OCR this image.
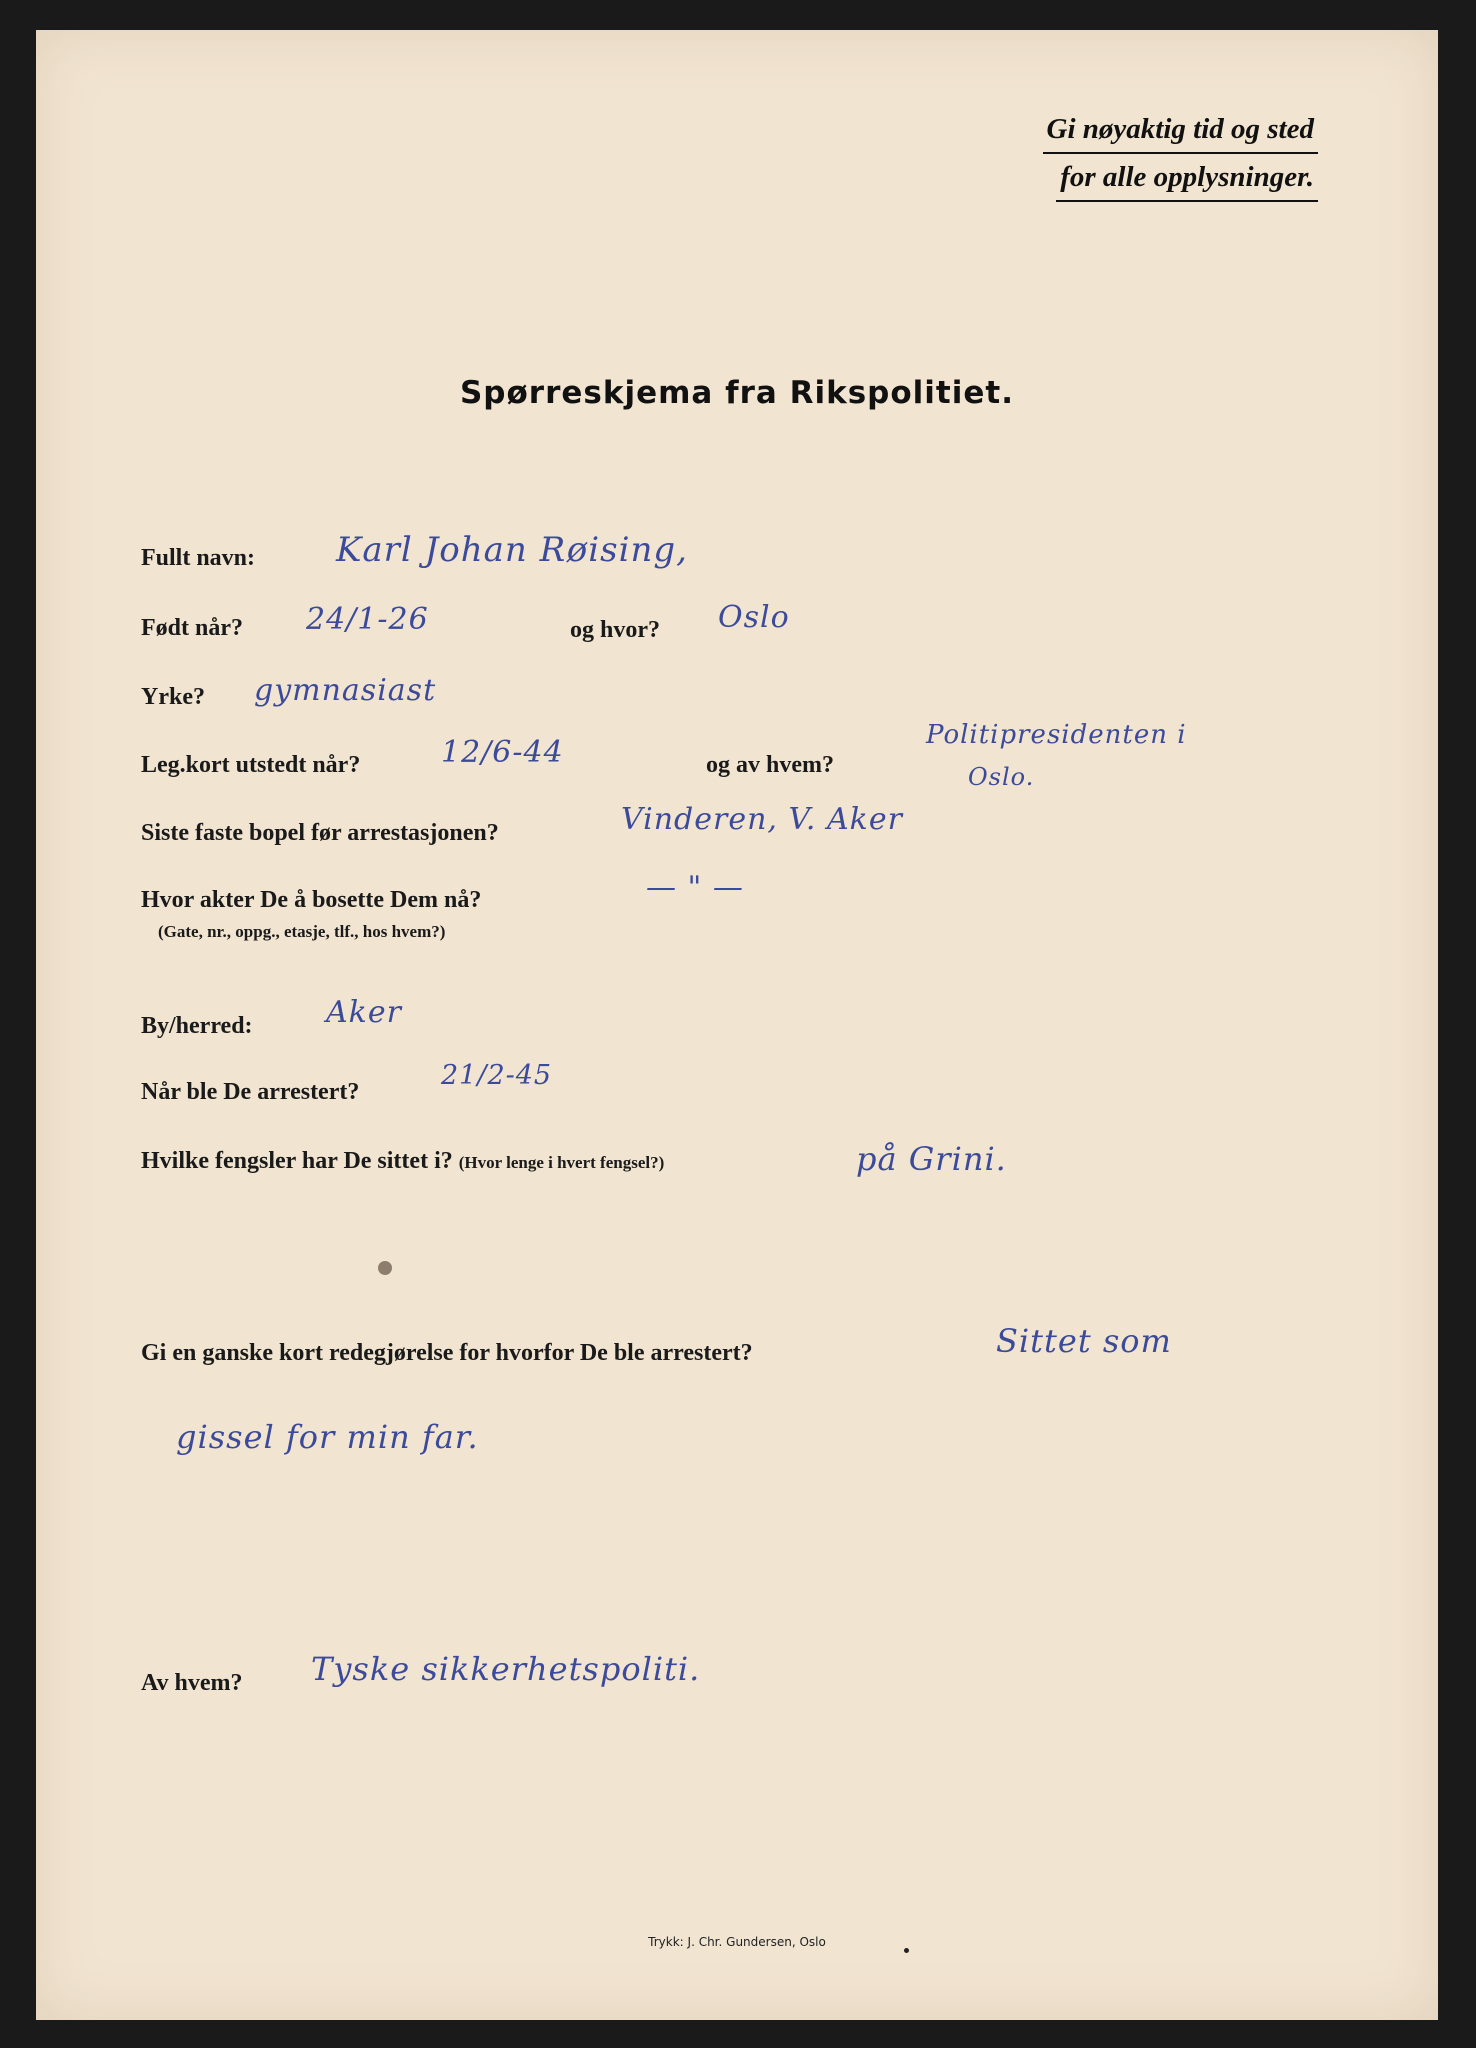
Gi nøyaktig tid og sted
for alle opplysninger.
Spørreskjema fra Rikspolitiet.
Fullt navn: Karl Johan Røising,
Født når? 24/1-26	og hvor? Oslo
Yrke? gymnasiast
Leg.kort utstedt når?	12/6-44	og av hvem?
Politipresidenten i
Oslo.
Siste faste bopel før arrestasjonen?	Vinderen, V. Aker
Hvor akter De å bosette Dem nå?
(Gate, nr., oppg., etasje, tlf., hos hvem?)
— " —
By/herred: Aker
Når ble De arrestert?
21/2-45
Hvilke fengsler har De sittet i? (Hvor lenge i hvert fengsel?)	på Grini.
Gi en ganske kort redegjørelse for hvorfor De ble arrestert?	Sittet som
gissel for min far.
Av hvem? Tyske sikkerhetspoliti.
Trykk: J. Chr. Gundersen, Oslo
